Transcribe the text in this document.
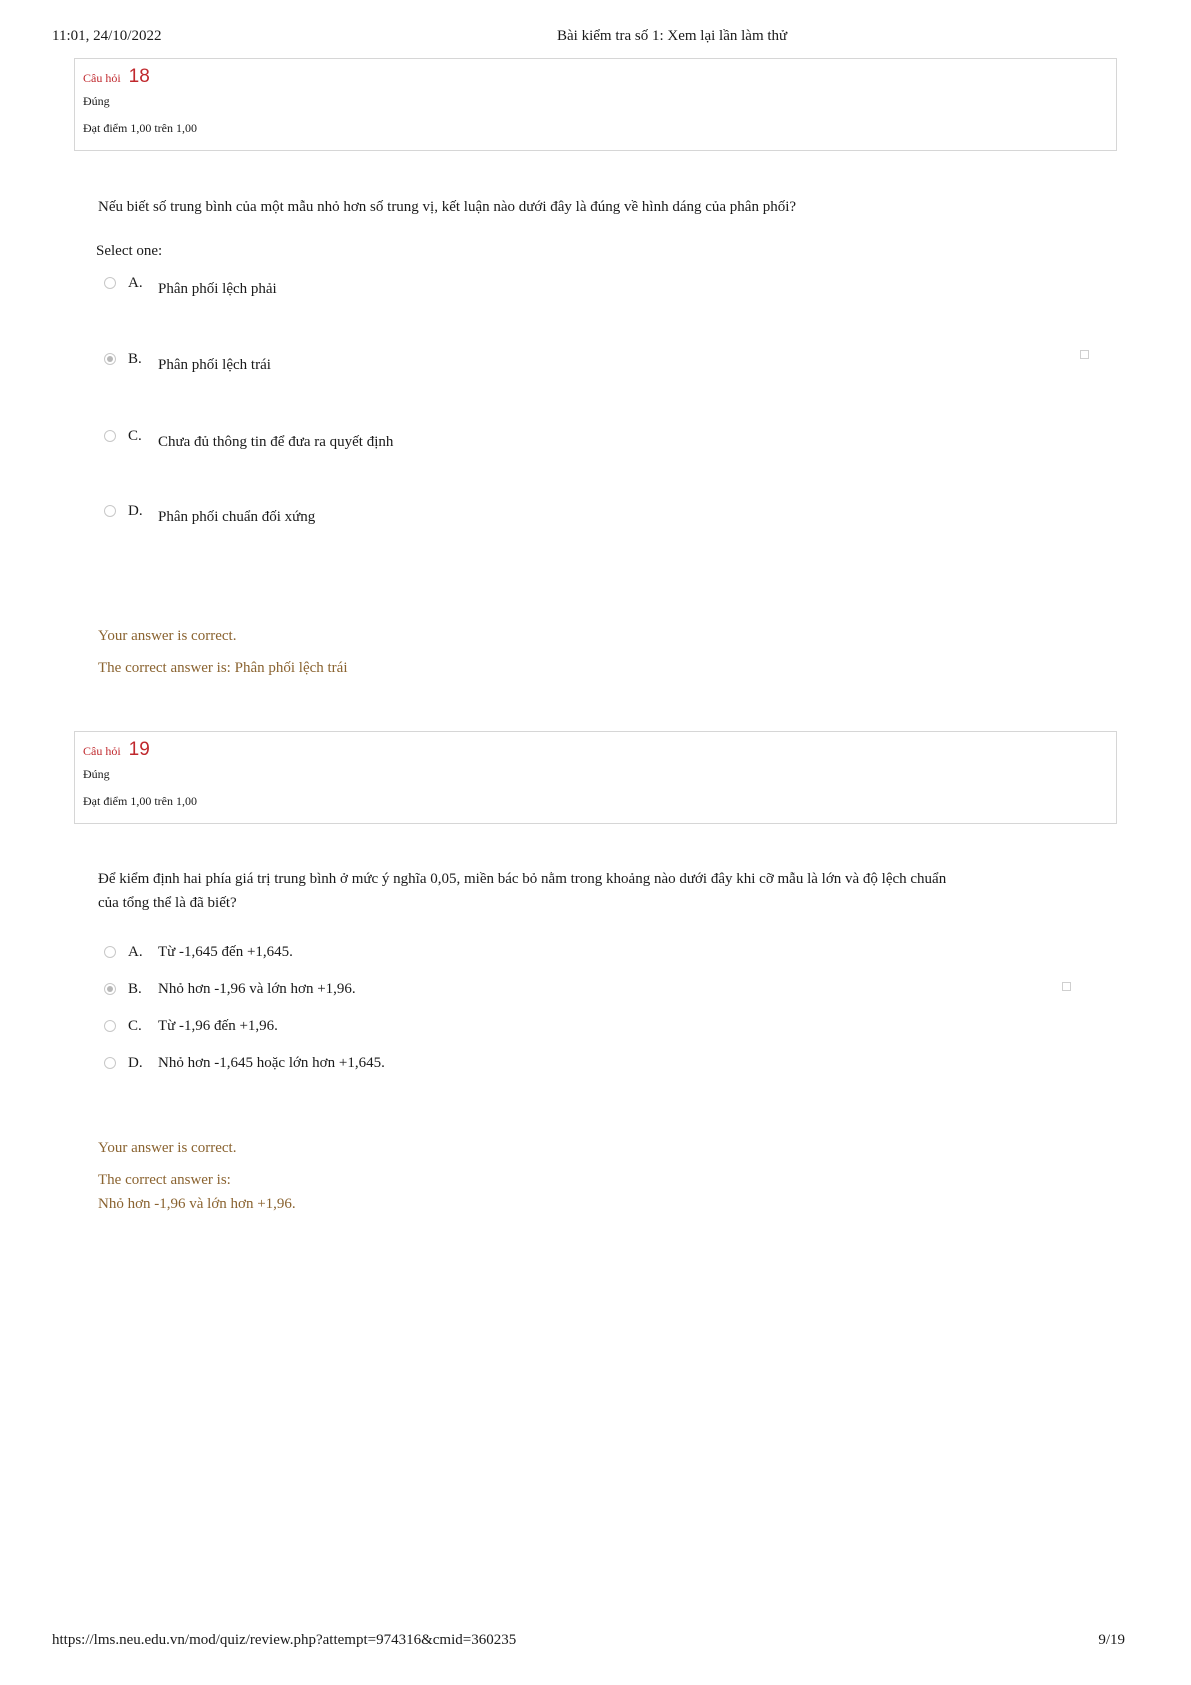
11:01, 24/10/2022	Bài kiểm tra số 1: Xem lại lần làm thử
Câu hỏi 18
Đúng
Đạt điểm 1,00 trên 1,00
Nếu biết số trung bình của một mẫu nhỏ hơn số trung vị, kết luận nào dưới đây là đúng về hình dáng của phân phối?
Select one:
A. Phân phối lệch phải
B. Phân phối lệch trái
C. Chưa đủ thông tin để đưa ra quyết định
D. Phân phối chuẩn đối xứng
Your answer is correct.
The correct answer is: Phân phối lệch trái
Câu hỏi 19
Đúng
Đạt điểm 1,00 trên 1,00
Để kiểm định hai phía giá trị trung bình ở mức ý nghĩa 0,05, miền bác bỏ nằm trong khoảng nào dưới đây khi cỡ mẫu là lớn và độ lệch chuẩn
của tổng thể là đã biết?
A. Từ -1,645 đến +1,645.
B. Nhỏ hơn -1,96 và lớn hơn +1,96.
C. Từ -1,96 đến +1,96.
D. Nhỏ hơn -1,645 hoặc lớn hơn +1,645.
Your answer is correct.
The correct answer is:
Nhỏ hơn -1,96 và lớn hơn +1,96.
https://lms.neu.edu.vn/mod/quiz/review.php?attempt=974316&cmid=360235	9/19
